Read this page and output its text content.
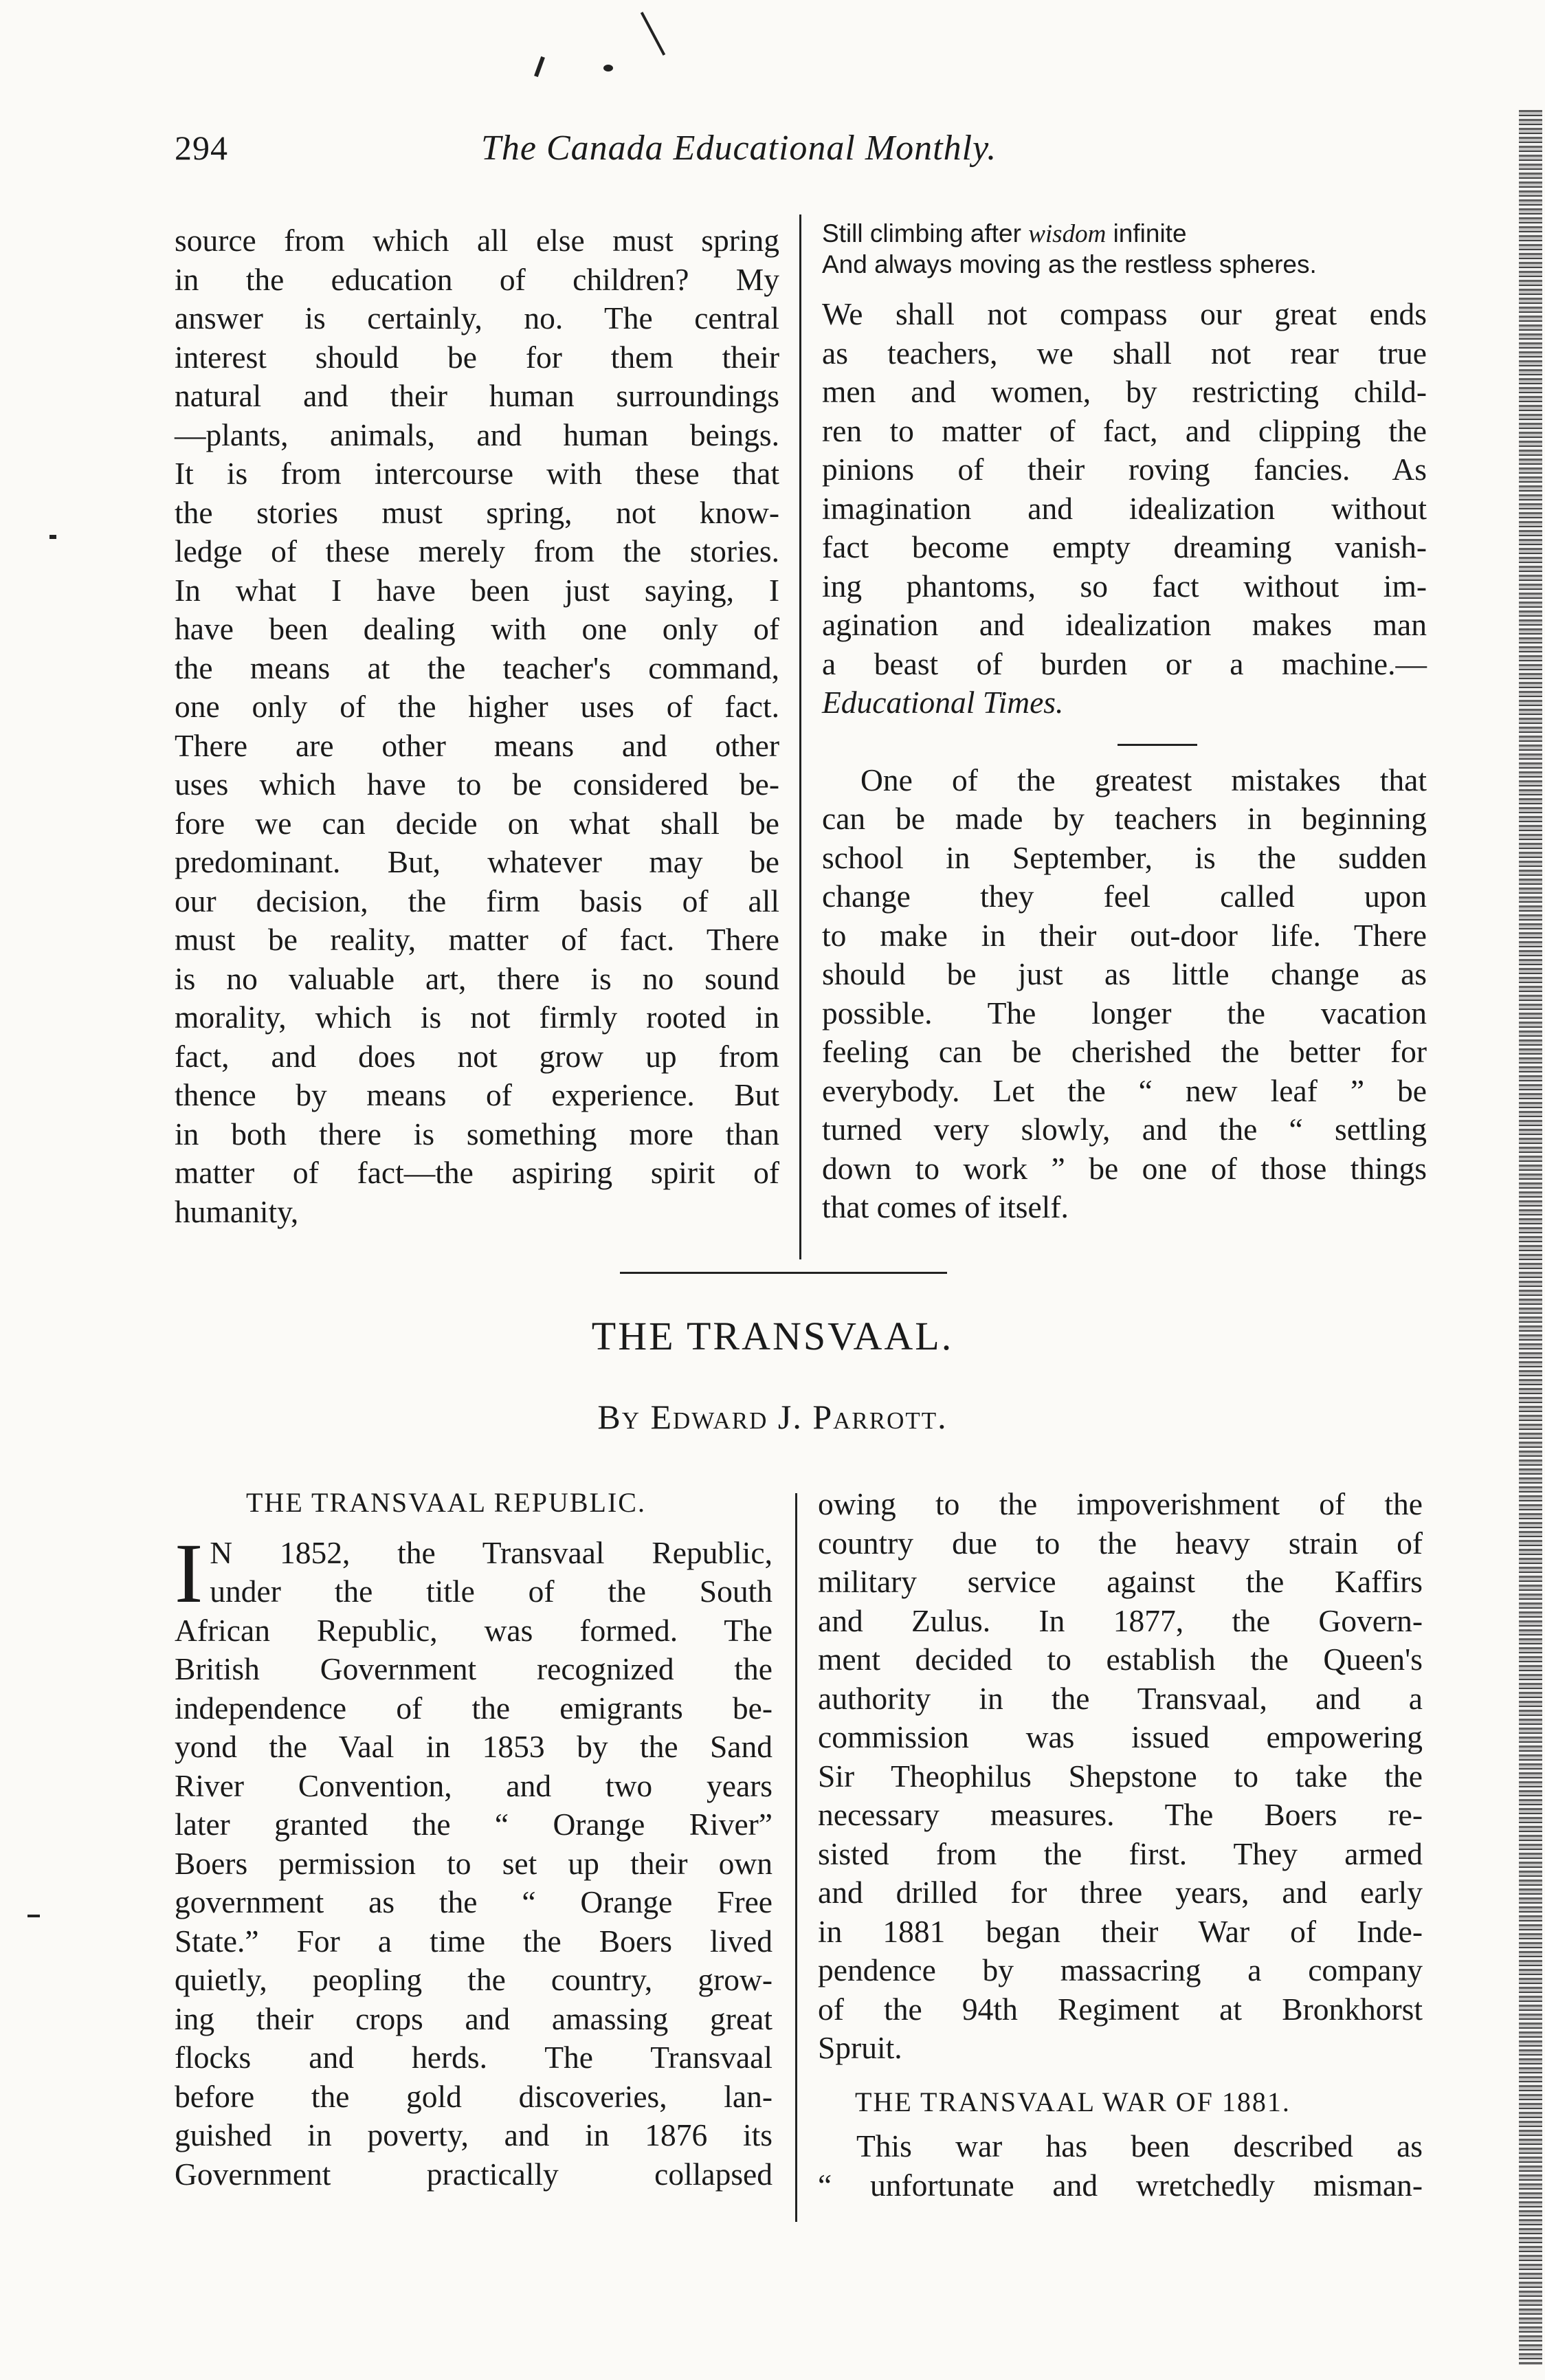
294	The Canada Educational Monthly.
source from which all else must spring
in the education of children? My
answer is certainly, no. The central
interest should be for them their
natural and their human surroundings
—plants, animals, and human beings.
It is from intercourse with these that
the stories must spring, not know-
ledge of these merely from the stories.
In what I have been just saying, I
have been dealing with one only of
the means at the teacher's command,
one only of the higher uses of fact.
There are other means and other
uses which have to be considered be-
fore we can decide on what shall be
predominant. But, whatever may be
our decision, the firm basis of all
must be reality, matter of fact. There
is no valuable art, there is no sound
morality, which is not firmly rooted in
fact, and does not grow up from
thence by means of experience. But
in both there is something more than
matter of fact—the aspiring spirit of
humanity,
Still climbing after wisdom infinite
And always moving as the restless spheres.
We shall not compass our great ends
as teachers, we shall not rear true
men and women, by restricting child-
ren to matter of fact, and clipping the
pinions of their roving fancies. As
imagination and idealization without
fact become empty dreaming vanish-
ing phantoms, so fact without im-
agination and idealization makes man
a beast of burden or a machine.—
Educational Times.
One of the greatest mistakes that
can be made by teachers in beginning
school in September, is the sudden
change they feel called upon
to make in their out-door life. There
should be just as little change as
possible. The longer the vacation
feeling can be cherished the better for
everybody. Let the “ new leaf ” be
turned very slowly, and the “ settling
down to work ” be one of those things
that comes of itself.
THE TRANSVAAL.
By Edward J. Parrott.
THE TRANSVAAL REPUBLIC.
I N 1852, the Transvaal Republic,
under the title of the South
African Republic, was formed. The
British Government recognized the
independence of the emigrants be-
yond the Vaal in 1853 by the Sand
River Convention, and two years
later granted the “ Orange River”
Boers permission to set up their own
government as the “ Orange Free
State.” For a time the Boers lived
quietly, peopling the country, grow-
ing their crops and amassing great
flocks and herds. The Transvaal
before the gold discoveries, lan-
guished in poverty, and in 1876 its
Government practically collapsed
owing to the impoverishment of the
country due to the heavy strain of
military service against the Kaffirs
and Zulus. In 1877, the Govern-
ment decided to establish the Queen's
authority in the Transvaal, and a
commission was issued empowering
Sir Theophilus Shepstone to take the
necessary measures. The Boers re-
sisted from the first. They armed
and drilled for three years, and early
in 1881 began their War of Inde-
pendence by massacring a company
of the 94th Regiment at Bronkhorst
Spruit.
THE TRANSVAAL WAR OF 1881.
This war has been described as
“ unfortunate and wretchedly misman-
